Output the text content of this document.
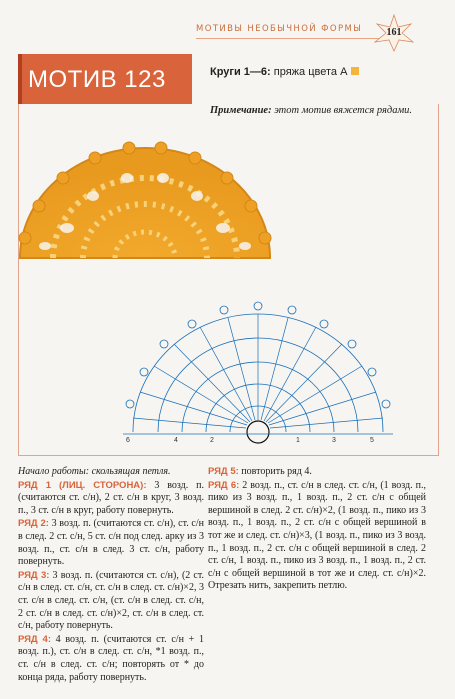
МОТИВЫ НЕОБЫЧНОЙ ФОРМЫ	161
МОТИВ 123	Круги 1—6: пряжа цвета А
Примечание: этот мотив вяжется рядами.
6	4	2	1	3	5

Начало работы: скользящая петля.

РЯД 1 (ЛИЦ. СТОРОНА): 3 возд. п. (считаются ст. с/н), 2 ст. с/н в круг, 3 возд. п., 3 ст. с/н в круг, работу повернуть.

РЯД 2: 3 возд. п. (считаются ст. с/н), ст. с/н в след. 2 ст. с/н, 5 ст. с/н под след. арку из 3 возд. п., ст. с/н в след. 3 ст. с/н, работу повернуть.

РЯД 3: 3 возд. п. (считаются ст. с/н), (2 ст. с/н в след. ст. с/н, ст. с/н в след. ст. с/н)×2, 3 ст. с/н в след. ст. с/н, (ст. с/н в след. ст. с/н, 2 ст. с/н в след. ст. с/н)×2, ст. с/н в след. ст. с/н, работу повернуть.

РЯД 4: 4 возд. п. (считаются ст. с/н + 1 возд. п.), ст. с/н в след. ст. с/н, *1 возд. п., ст. с/н в след. ст. с/н; повторять от * до конца ряда, работу повернуть.

РЯД 5: повторить ряд 4.

РЯД 6: 2 возд. п., ст. с/н в след. ст. с/н, (1 возд. п., пико из 3 возд. п., 1 возд. п., 2 ст. с/н с общей вершиной в след. 2 ст. с/н)×2, (1 возд. п., пико из 3 возд. п., 1 возд. п., 2 ст. с/н с общей вершиной в тот же и след. ст. с/н)×3, (1 возд. п., пико из 3 возд. п., 1 возд. п., 2 ст. с/н с общей вершиной в след. 2 ст. с/н, 1 возд. п., пико из 3 возд. п., 1 возд. п., 2 ст. с/н с общей вершиной в тот же и след. ст. с/н)×2. Отрезать нить, закрепить петлю.
